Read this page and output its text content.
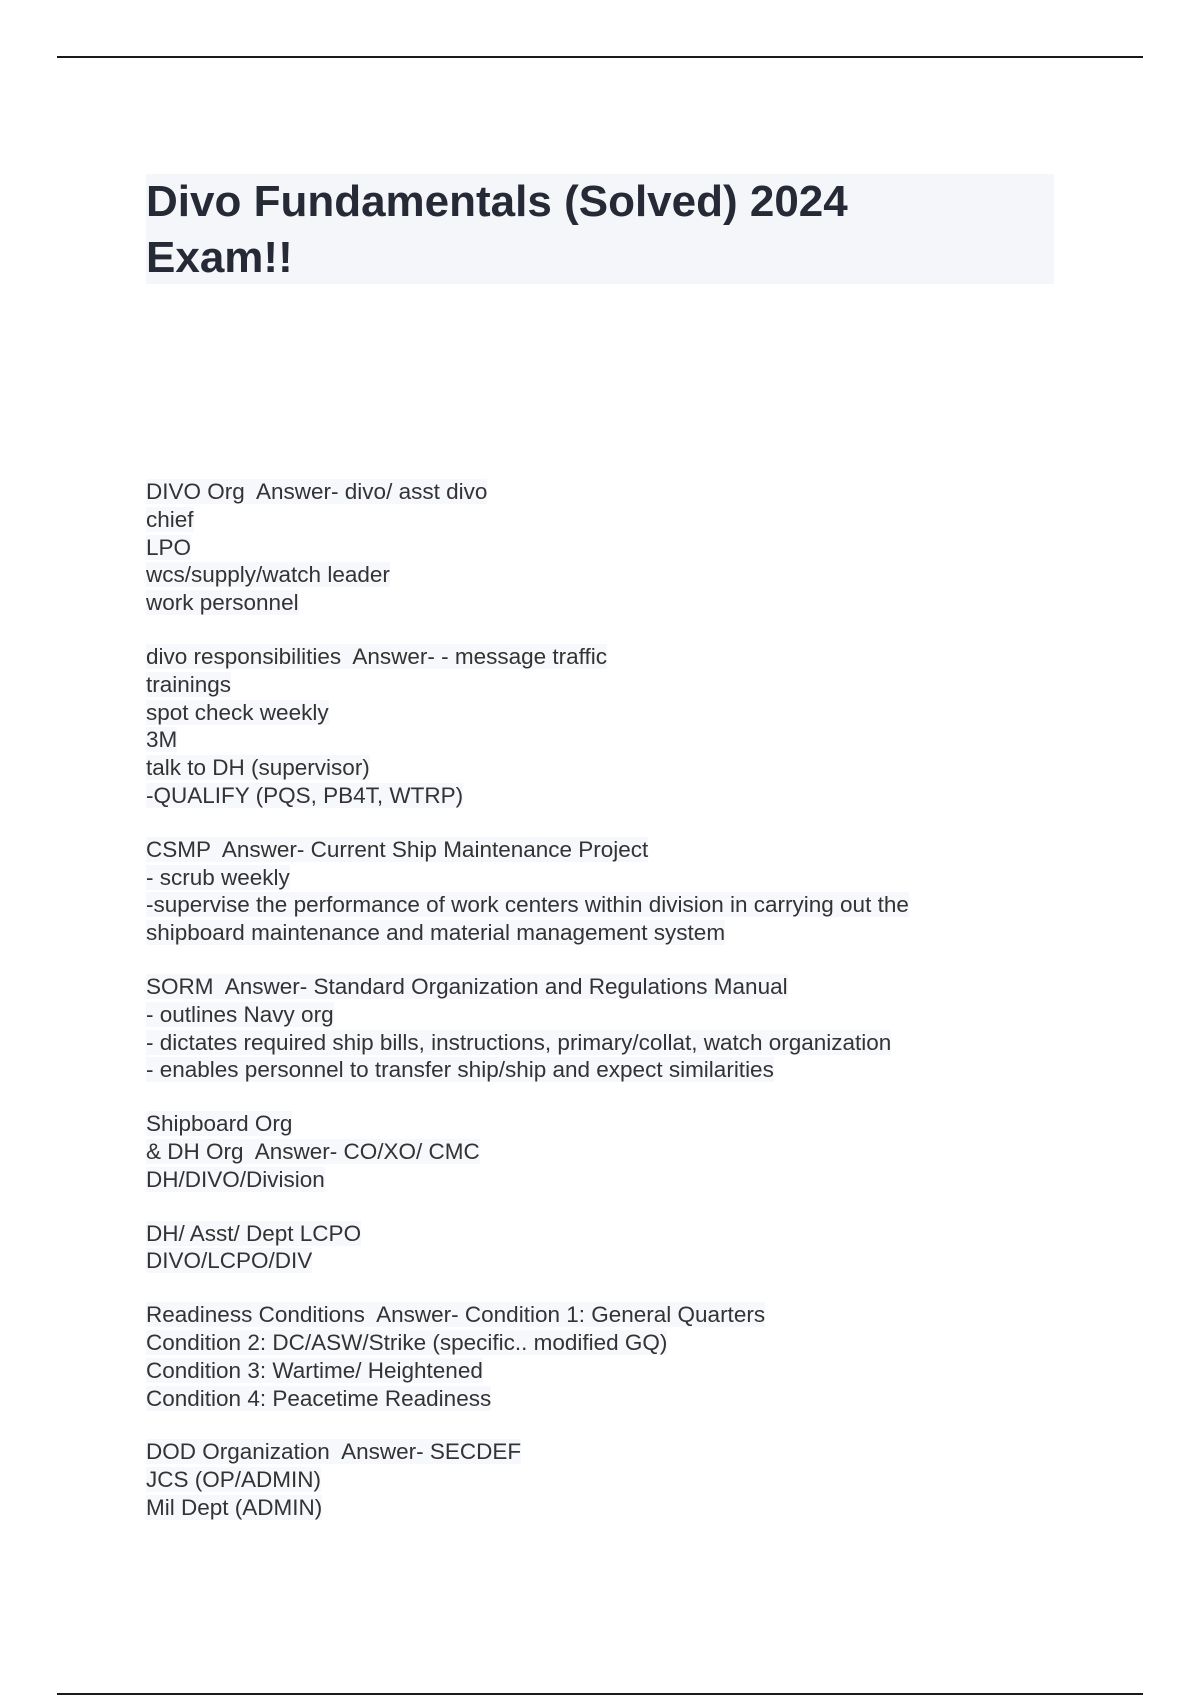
Divo Fundamentals (Solved) 2024
Exam!!
DIVO Org  Answer- divo/ asst divo
chief
LPO
wcs/supply/watch leader
work personnel
divo responsibilities  Answer- - message traffic
trainings
spot check weekly
3M
talk to DH (supervisor)
-QUALIFY (PQS, PB4T, WTRP)
CSMP  Answer- Current Ship Maintenance Project
- scrub weekly
-supervise the performance of work centers within division in carrying out the
shipboard maintenance and material management system
SORM  Answer- Standard Organization and Regulations Manual
- outlines Navy org
- dictates required ship bills, instructions, primary/collat, watch organization
- enables personnel to transfer ship/ship and expect similarities
Shipboard Org
& DH Org  Answer- CO/XO/ CMC
DH/DIVO/Division
DH/ Asst/ Dept LCPO
DIVO/LCPO/DIV
Readiness Conditions  Answer- Condition 1: General Quarters
Condition 2: DC/ASW/Strike (specific.. modified GQ)
Condition 3: Wartime/ Heightened
Condition 4: Peacetime Readiness
DOD Organization  Answer- SECDEF
JCS (OP/ADMIN)
Mil Dept (ADMIN)
